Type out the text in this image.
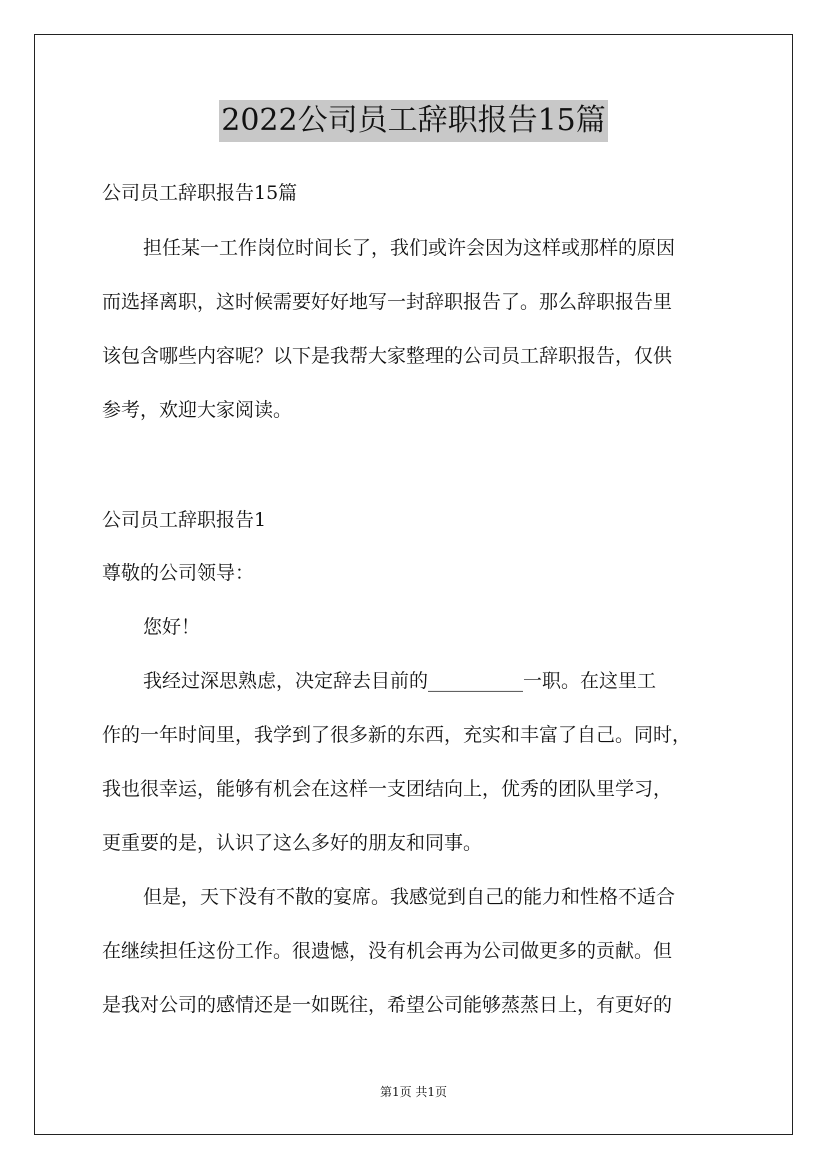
2022公司员工辞职报告15篇
公司员工辞职报告15篇
担任某一工作岗位时间长了，我们或许会因为这样或那样的原因
而选择离职，这时候需要好好地写一封辞职报告了。那么辞职报告里
该包含哪些内容呢？以下是我帮大家整理的公司员工辞职报告，仅供
参考，欢迎大家阅读。
公司员工辞职报告1
尊敬的公司领导：
您好！
我经过深思熟虑，决定辞去目前的__________一职。在这里工
作的一年时间里，我学到了很多新的东西，充实和丰富了自己。同时，
我也很幸运，能够有机会在这样一支团结向上，优秀的团队里学习，
更重要的是，认识了这么多好的朋友和同事。
但是，天下没有不散的宴席。我感觉到自己的能力和性格不适合
在继续担任这份工作。很遗憾，没有机会再为公司做更多的贡献。但
是我对公司的感情还是一如既往，希望公司能够蒸蒸日上，有更好的
第1页 共1页
